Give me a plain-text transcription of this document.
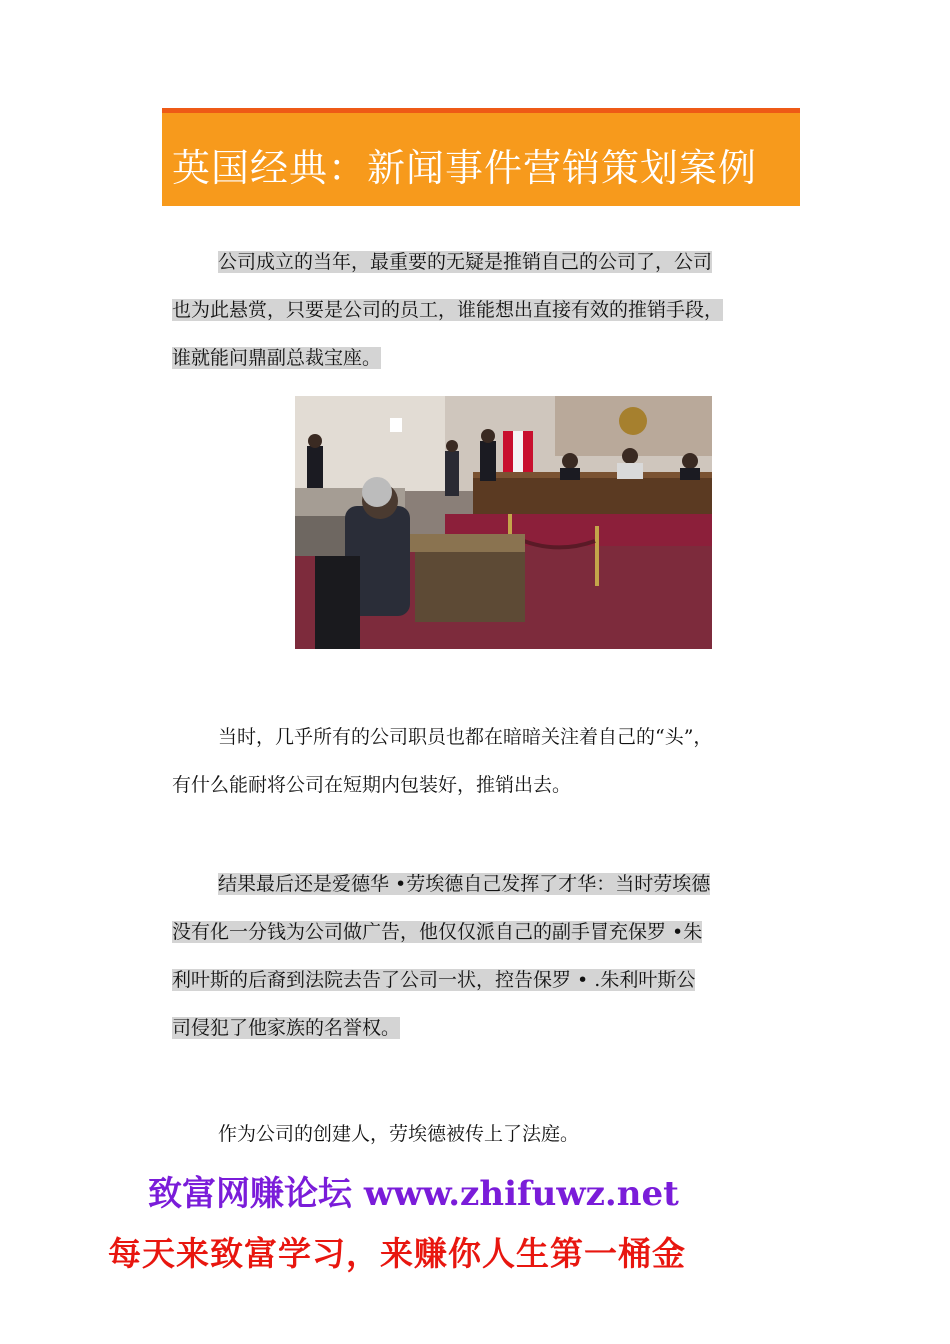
英国经典：新闻事件营销策划案例
公司成立的当年，最重要的无疑是推销自己的公司了，公司
也为此悬赏，只要是公司的员工，谁能想出直接有效的推销手段，
谁就能问鼎副总裁宝座。
当时，几乎所有的公司职员也都在暗暗关注着自己的“头”，
有什么能耐将公司在短期内包装好，推销出去。
结果最后还是爱德华 •劳埃德自己发挥了才华：当时劳埃德
没有化一分钱为公司做广告，他仅仅派自己的副手冒充保罗 •朱
利叶斯的后裔到法院去告了公司一状，控告保罗 • .朱利叶斯公
司侵犯了他家族的名誉权。
作为公司的创建人，劳埃德被传上了法庭。
致富网赚论坛 www.zhifuwz.net
每天来致富学习，来赚你人生第一桶金
